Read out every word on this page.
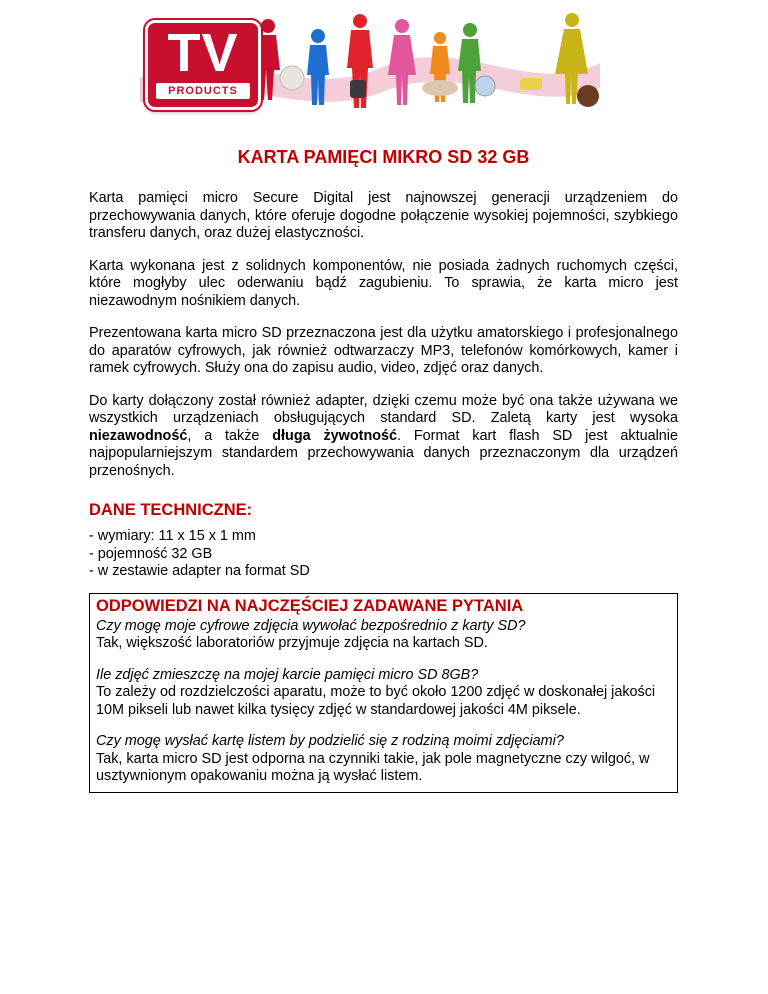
TV
PRODUCTS
KARTA PAMIĘCI MIKRO SD 32 GB

Karta pamięci micro Secure Digital jest najnowszej generacji urządzeniem do przechowywania danych, które oferuje dogodne połączenie wysokiej pojemności, szybkiego transferu danych, oraz dużej elastyczności.

Karta wykonana jest z solidnych komponentów, nie posiada żadnych ruchomych części, które mogłyby ulec oderwaniu bądź zagubieniu. To sprawia, że karta micro jest niezawodnym nośnikiem danych.

Prezentowana karta micro SD przeznaczona jest dla użytku amatorskiego i profesjonalnego do aparatów cyfrowych, jak również odtwarzaczy MP3, telefonów komórkowych, kamer i ramek cyfrowych. Służy ona do zapisu audio, video, zdjęć oraz danych.

Do karty dołączony został również adapter, dzięki czemu może być ona także używana we wszystkich urządzeniach obsługujących standard SD. Zaletą karty jest wysoka niezawodność, a także długa żywotność. Format kart flash SD jest aktualnie najpopularniejszym standardem przechowywania danych przeznaczonym dla urządzeń przenośnych.

DANE TECHNICZNE:
- wymiary: 11 x 15 x 1 mm
- pojemność 32 GB
- w zestawie adapter na format SD
ODPOWIEDZI NA NAJCZĘŚCIEJ ZADAWANE PYTANIA
Czy mogę moje cyfrowe zdjęcia wywołać bezpośrednio z karty SD?
Tak, większość laboratoriów przyjmuje zdjęcia na kartach SD.
Ile zdjęć zmieszczę na mojej karcie pamięci micro SD 8GB?
To zależy od rozdzielczości aparatu, może to być około 1200 zdjęć w doskonałej jakości 10M pikseli lub nawet kilka tysięcy zdjęć w standardowej jakości 4M piksele.
Czy mogę wysłać kartę listem by podzielić się z rodziną moimi zdjęciami?
Tak, karta micro SD jest odporna na czynniki takie, jak pole magnetyczne czy wilgoć, w usztywnionym opakowaniu można ją wysłać listem.
